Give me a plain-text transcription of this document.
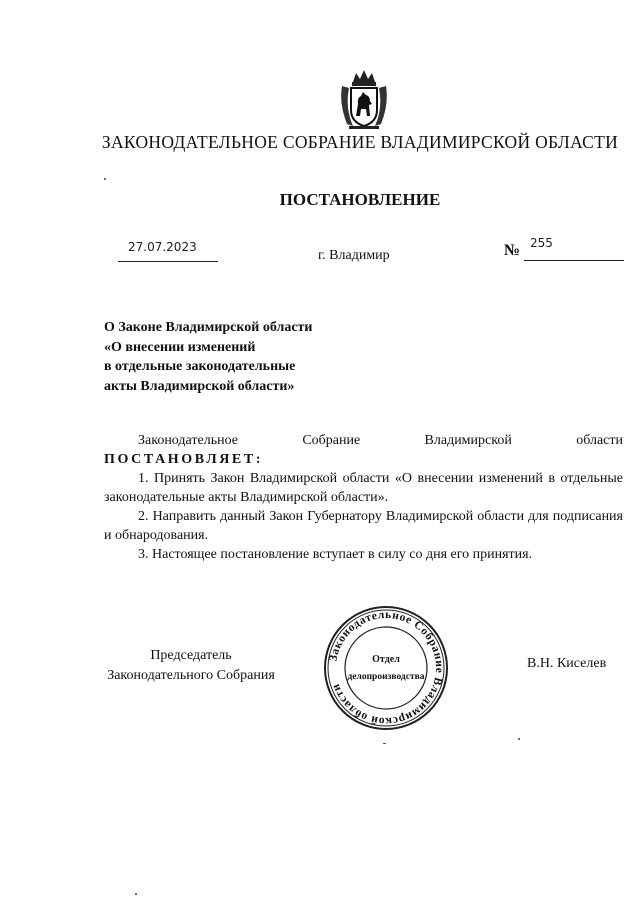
ЗАКОНОДАТЕЛЬНОЕ СОБРАНИЕ ВЛАДИМИРСКОЙ ОБЛАСТИ
ПОСТАНОВЛЕНИЕ
27.07.2023
г. Владимир	№ 255
О Законе Владимирской области
«О внесении изменений
в отдельные законодательные
акты Владимирской области»
Законодательное	Собрание	Владимирской	области
ПОСТАНОВЛЯЕТ:
1. Принять Закон Владимирской области «О внесении изменений в отдельные законодательные акты Владимирской области».
2. Направить данный Закон Губернатору Владимирской области для подписания и обнародования.
3. Настоящее постановление вступает в силу со дня его принятия.
Председатель
Законодательного Собрания
В.Н. Киселев
Законодательное Собрание Владимирской области
Отдел
делопроизводства
